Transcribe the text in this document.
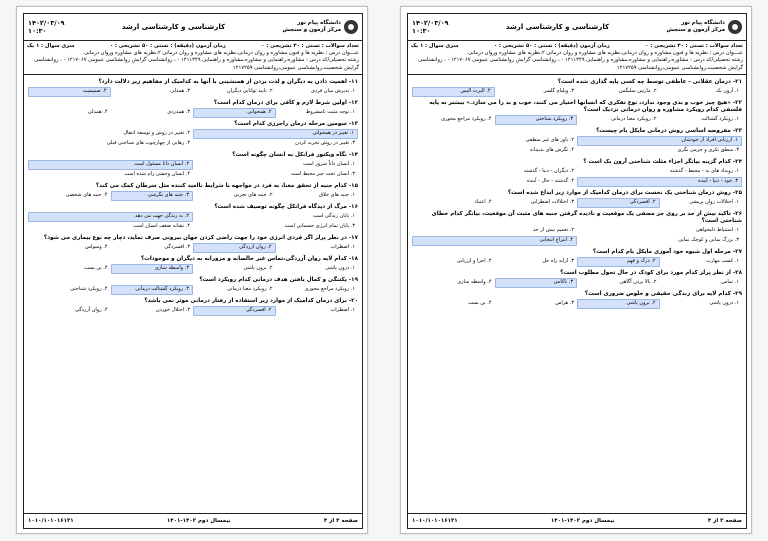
دانشگاه پیام نور
مرکز آزمون و سنجش
کارشناسی و کارشناسی ارشد
۱۴۰۲/۰۳/۰۹
۱۰:۳۰
تعداد سوالات : تستی : ۳۰ تشریحی : ۰
زمان آزمون (دقیقه) : تستی : ۵۰ تشریحی : ۰
سری سوال : ۱ یک
عنـــوان درس : نظریه ها و فنون مشاوره و روان درمانی،نظریه های مشاوره و روان درمانی ۲،نظریه های مشاوره وروان درمانی
رشته تحصیلی/کد درس : مشاوره،راهنمایی و مشاوره،مشاوره و راهنمایی ۱۲۱۱۳۴۹ - ، روانشناسی گرایش روانشناسی عمومی ۱۲۱۷۰۶۷ - ، روانشناسی گرایش شخصیت،روانشناسی عمومی،روانشناسی ۱۲۱۷۲۵۹
۲۱- درمان عقلانی - عاطفی توسط چه کسی پایه گذاری شده است؟
۱. آرون بک
۲. مارتین سلیگمن
۳. ویلیام گلسر
۴. آلبرت الیس
۲۲- «هیچ چیز خوب و بدی وجود ندارد، نوع تفکری که انسانها اختیار می کنند، خوب و بد را می سازد.» بیشتر به پایه فلسفی کدام رویکرد مشاوره و روان درمانی نزدیک است؟
۱. رویکرد گشتالت
۲. رویکرد معنا درمانی
۳. رویکرد شناختی
۴. رویکرد مراجع محوری
۲۳- مفروضه اساسی روش درمانی مایکل بام چیست؟
۱. ارزیابی افراد از خودشان
۲. باور های غیر منطقی
۳. منطق تکری و جزمی نگری
۴. نگرش های بدبینانه
۲۴- کدام گزینه بیانگر اجزاء مثلث شناختی آرون بک است ؟
۱. رویداد های بد - محیط - گذشته
۲. دیگران - دنیا - گذشته
۳. خود - دنیا - آینده
۴. گذشته - حال - آینده
۲۵- روش درمان شناختی یک نخست برای درمان کدامیک از موارد زیر ابداع شده است؟
۱. اختلالات روان پریشی
۲. افسردگی
۳. اختلالات اضطرابی
۴. اعتیاد
۲۶- تاکید بیش از حد بر روی جز مضفی یک موقعیت و نادیده گرفتن جنبه های مثبت آن موقعیت، بیانگر کدام خطای شناختی است؟
۱. استنباط دلبخواهی
۲. تعمیم بیش از حد
۳. بزرگ نمایی و کوچک نمایی
۴. انتزاع انتخابی
۲۷- مرحله اول شیوه خود آموزی مایکل بام کدام است؟
۱. کسب مهارت
۲. درک و فهم
۳. ارایه راه حل
۴. اجرا و ارزیابی
۲۸- از نظر پرلز کدام مورد برای کودک در حال تحول مطلوب است؟
۱. تماس
۲. بالا بردن آگاهی
۳. ناکامی
۴. واسطه سازی
۲۹- کدام لایه برای زندگی حقیقی و خلوص ضروری است؟
۱. درون پاشی
۲. برون پاشی
۳. هراس
۴. بن بست
صفحه ۳ از ۴
نیمسال دوم ۱۴۰۲-۱۴۰۱
۱۰۱۰/۱۰۱۰۱۶۱۳۱
دانشگاه پیام نور
مرکز آزمون و سنجش
کارشناسی و کارشناسی ارشد
۱۴۰۲/۰۳/۰۹
۱۰:۳۰
تعداد سوالات : تستی : ۳۰ تشریحی : ۰
زمان آزمون (دقیقه) : تستی : ۵۰ تشریحی : ۰
سری سوال : ۱ یک
عنـــوان درس : نظریه ها و فنون مشاوره و روان درمانی،نظریه های مشاوره و روان درمانی ۲،نظریه های مشاوره وروان درمانی
رشته تحصیلی/کد درس : مشاوره،راهنمایی و مشاوره،مشاوره و راهنمایی ۱۲۱۱۳۴۹ - ، روانشناسی گرایش روانشناسی عمومی ۱۲۱۷۰۶۷ - ، روانشناسی گرایش شخصیت،روانشناسی عمومی،روانشناسی ۱۲۱۷۲۵۹
۱۱- اهمیت دادن به دیگران و لذت بردن از همنشینی با آنها به کدامیک از مفاهیم زیر دلالت دارد؟
۱. پذیرش میان فردی
۲. تایید توانایی دیگران
۳. همدلی
۴. صمیمیت
۱۲- اولین شرط لازم و کافی برای درمان کدام است؟
۱. توجه مثبت نامشروط
۲. همخوانی
۳. همدردی
۴. همدلی
۱۳- سومین مرحله درمان راجرزی کدام است؟
۱. تغییر در همخوانی
۲. تغییر در روش و توسعه انتقال
۳. تغییر در روش تجربه کردن
۴. رهایی از چهارچوب های شناختی قبلی
۱۴- نگاه ویکتور فرانکل به انسان چگونه است؟
۱. انسان ذاتاً شرور است
۲. انسان ذاتاً مسئول است
۳. انسان تحت جبر محیط است
۴. انسان وحشی رام شده است
۱۵- کدام جنبه از تحقق معنا، به فرد در مواجهه با شرایط ناامید کننده مثل سرطان کمک می کند؟
۱. جنبه های خلاق
۲. جنبه های تجربی
۳. جنبه های نگرشی
۴. جنبه های شخصی
۱۶- مرگ از دیدگاه فرانکل چگونه توصیف شده است؟
۱. پایان زندگی است
۲. به زندگی جهت می دهد
۳. پایان تمام انرژی جسمانی است
۴. نشانه ضعف انسان است
۱۷- در نظر پرلز اگر فردی انرژی خود را جهت راضی کردن جهان بیرونی صرف نماید، دچار چه نوع بیماری می شود؟
۱. اضطراب
۲. روان آزردگی
۳. افسردگی
۴. وسواس
۱۸- کدام لایه روان آزردگی،تماس غیر خالصانه و مزورانه به دیگران و موجودات؟
۱. درون پاشی
۲. برون پاشی
۳. واسطه سازی
۴. بن بست
۱۹- یکتنگی و کمال یافتن هدف درمانی کدام رویکرد است؟
۱. رویکرد مراجع محوری
۲. رویکرد معنا درمانی
۳. رویکرد گشتالت درمانی
۴. رویکرد شناختی
۲۰- برای درمان کدامیک از موارد زیر استفاده از رفتار درمانی موثر نمی باشد؟
۱. اضطراب
۲. افسردگی
۳. اختلال خوردن
۴. روان آزردگی
صفحه ۴ از ۴
نیمسال دوم ۱۴۰۲-۱۴۰۱
۱۰۱۰/۱۰۱۰۱۶۱۳۱
